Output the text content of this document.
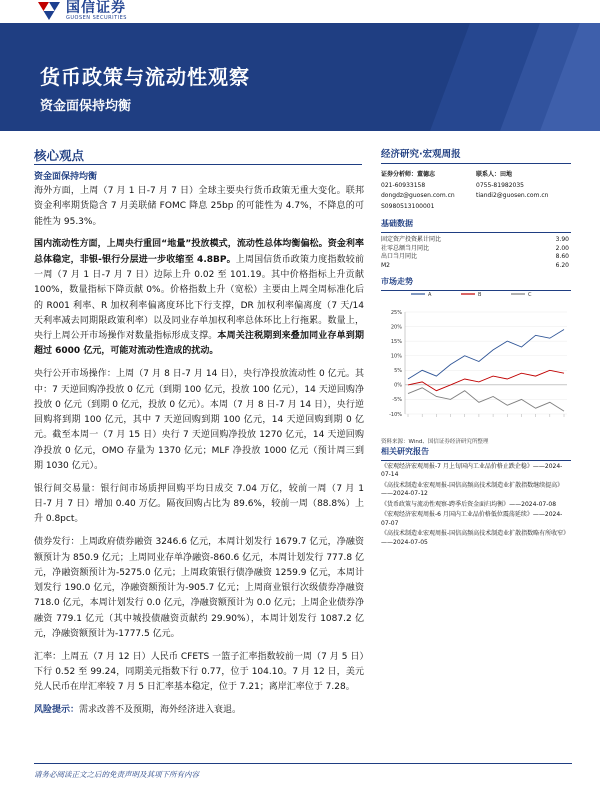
国信证券
GUOSEN SECURITIES
货币政策与流动性观察
资金面保持均衡
核心观点
资金面保持均衡

海外方面，上周（7 月 1 日-7 月 7 日）全球主要央行货币政策无重大变化。联邦资金利率期货隐含 7 月美联储 FOMC 降息 25bp 的可能性为 4.7%，不降息的可能性为 95.3%。

国内流动性方面，上周央行重回“地量”投放模式，流动性总体均衡偏松。资金利率总体稳定，非银-银行分层进一步收缩至 4.8BP。上周国信货币政策力度指数较前一周（7 月 1 日-7 月 7 日）边际上升 0.02 至 101.19。其中价格指标上升贡献 100%，数量指标下降贡献 0%。价格指数上升（宽松）主要由上周全周标准化后的 R001 利率、R 加权利率偏离度环比下行支撑，DR 加权利率偏离度（7 天/14 天利率减去同期限政策利率）以及同业存单加权利率总体环比上行拖累。数量上，央行上周公开市场操作对数量指标形成支撑。本周关注税期到来叠加同业存单到期超过 6000 亿元，可能对流动性造成的扰动。

央行公开市场操作：上周（7 月 8 日-7 月 14 日），央行净投放流动性 0 亿元。其中：7 天逆回购净投放 0 亿元（到期 100 亿元，投放 100 亿元），14 天逆回购净投放 0 亿元（到期 0 亿元，投放 0 亿元）。本周（7 月 8 日-7 月 14 日），央行逆回购将到期 100 亿元，其中 7 天逆回购到期 100 亿元，14 天逆回购到期 0 亿元。截至本周一（7 月 15 日）央行 7 天逆回购净投放 1270 亿元，14 天逆回购净投放 0 亿元，OMO 存量为 1370 亿元；MLF 净投放 1000 亿元（预计周三到期 1030 亿元）。

银行间交易量：银行间市场质押回购平均日成交 7.04 万亿，较前一周（7 月 1 日-7 月 7 日）增加 0.40 万亿。隔夜回购占比为 89.6%，较前一周（88.8%）上升 0.8pct。

债券发行：上周政府债券融资 3246.6 亿元，本周计划发行 1679.7 亿元，净融资额预计为 850.9 亿元；上周同业存单净融资-860.6 亿元，本周计划发行 777.8 亿元，净融资额预计为-5275.0 亿元；上周政策银行债净融资 1259.9 亿元，本周计划发行 190.0 亿元，净融资额预计为-905.7 亿元；上周商业银行次级债券净融资 718.0 亿元，本周计划发行 0.0 亿元，净融资额预计为 0.0 亿元；上周企业债券净融资 779.1 亿元（其中城投债融资贡献约 29.90%），本周计划发行 1087.2 亿元，净融资额预计为-1777.5 亿元。

汇率：上周五（7 月 12 日）人民币 CFETS 一篮子汇率指数较前一周（7 月 5 日）下行 0.52 至 99.24，同期美元指数下行 0.77，位于 104.10。7 月 12 日，美元兑人民币在岸汇率较 7 月 5 日汇率基本稳定，位于 7.21；离岸汇率位于 7.28。

风险提示：需求改善不及预期，海外经济进入衰退。

经济研究·宏观周报
证券分析师：董德志
021-60933158
dongdz@guosen.com.cn
S0980513100001
联系人：田地
0755-81982035
tiandi2@guosen.com.cn
基础数据
固定资产投资累计同比	3.90
社零总额当月同比	2.00
出口当月同比	8.60
M2	6.20
市场走势
A	B	C
25%
20%
15%
10%
5%
0%
-5%
-10%
资料来源：Wind、国信证券经济研究所整理
相关研究报告
《宏观经济宏观周报-7 月上旬国内工业品价格止跌企稳》——2024-07-14
《高技术制造业宏观周报-国信高频高技术制造业扩散指数继续提高》——2024-07-12
《货币政策与流动性观察-跨季后资金面归均衡》——2024-07-08
《宏观经济宏观周报-6 月国内工业品价格低位震荡延续》——2024-07-07
《高技术制造业宏观周报-国信高频高技术制造业扩散指数略有所收窄》——2024-07-05
请务必阅读正文之后的免责声明及其项下所有内容
